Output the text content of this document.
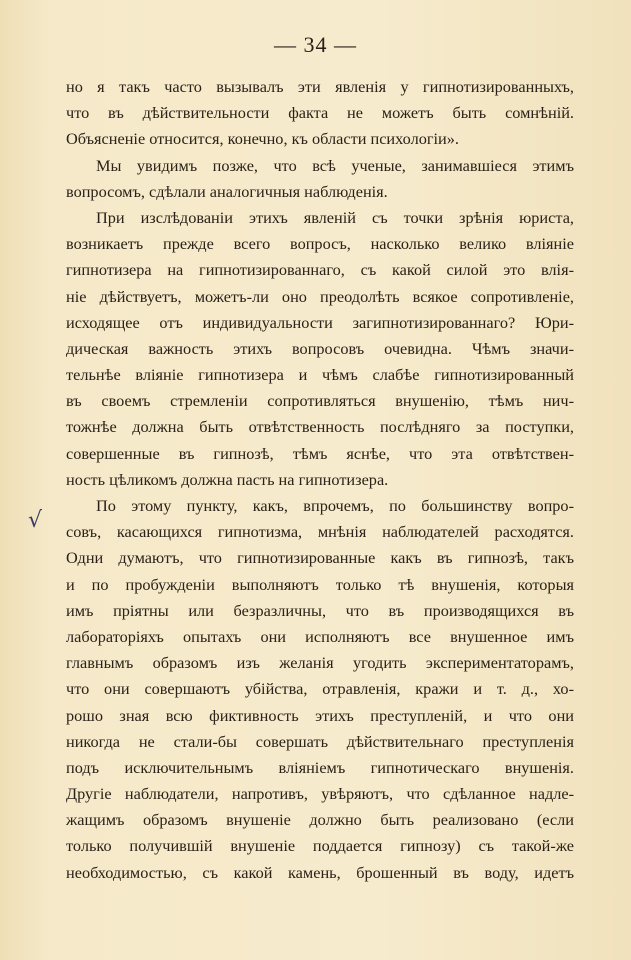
— 34 —
√
но я такъ часто вызывалъ эти явленія у гипнотизированныхъ,
что въ дѣйствительности факта не можетъ быть сомнѣній.
Объясненіе относится, конечно, къ области психологіи».
Мы увидимъ позже, что всѣ ученые, занимавшіеся этимъ
вопросомъ, сдѣлали аналогичныя наблюденія.
При изслѣдованіи этихъ явленій съ точки зрѣнія юриста,
возникаетъ прежде всего вопросъ, насколько велико вліяніе
гипнотизера на гипнотизированнаго, съ какой силой это влія-
ніе дѣйствуетъ, можетъ-ли оно преодолѣть всякое сопротивленіе,
исходящее отъ индивидуальности загипнотизированнаго? Юри-
дическая важность этихъ вопросовъ очевидна. Чѣмъ значи-
тельнѣе вліяніе гипнотизера и чѣмъ слабѣе гипнотизированный
въ своемъ стремленіи сопротивляться внушенію, тѣмъ нич-
тожнѣе должна быть отвѣтственность послѣдняго за поступки,
совершенные въ гипнозѣ, тѣмъ яснѣе, что эта отвѣтствен-
ность цѣликомъ должна пасть на гипнотизера.
По этому пункту, какъ, впрочемъ, по большинству вопро-
совъ, касающихся гипнотизма, мнѣнія наблюдателей расходятся.
Одни думаютъ, что гипнотизированные какъ въ гипнозѣ, такъ
и по пробужденіи выполняютъ только тѣ внушенія, которыя
имъ пріятны или безразличны, что въ производящихся въ
лабораторіяхъ опытахъ они исполняютъ все внушенное имъ
главнымъ образомъ изъ желанія угодить экспериментаторамъ,
что они совершаютъ убійства, отравленія, кражи и т. д., хо-
рошо зная всю фиктивность этихъ преступленій, и что они
никогда не стали-бы совершать дѣйствительнаго преступленія
подъ исключительнымъ вліяніемъ гипнотическаго внушенія.
Другіе наблюдатели, напротивъ, увѣряютъ, что сдѣланное надле-
жащимъ образомъ внушеніе должно быть реализовано (если
только получившій внушеніе поддается гипнозу) съ такой-же
необходимостью, съ какой камень, брошенный въ воду, идетъ
